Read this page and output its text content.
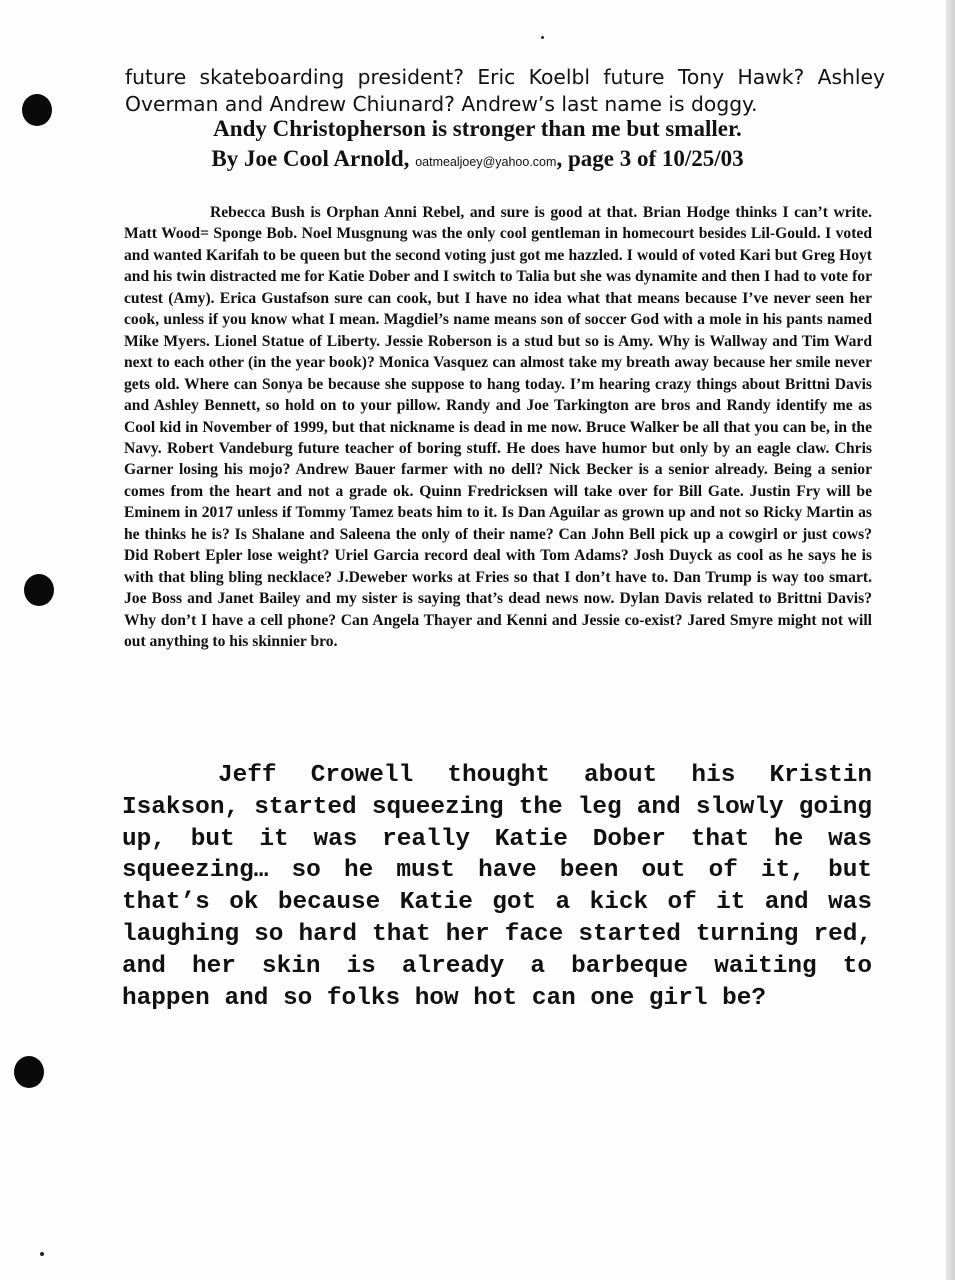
future skateboarding president? Eric Koelbl future Tony Hawk? Ashley
Overman and Andrew Chiunard? Andrew’s last name is doggy.
Andy Christopherson is stronger than me but smaller.
By Joe Cool Arnold, oatmealjoey@yahoo.com, page 3 of 10/25/03

Rebecca Bush is Orphan Anni Rebel, and sure is good at that. Brian Hodge thinks I can’t write. Matt Wood= Sponge Bob. Noel Musgnung was the only cool gentleman in homecourt besides Lil-Gould. I voted and wanted Karifah to be queen but the second voting just got me hazzled. I would of voted Kari but Greg Hoyt and his twin distracted me for Katie Dober and I switch to Talia but she was dynamite and then I had to vote for cutest (Amy). Erica Gustafson sure can cook, but I have no idea what that means because I’ve never seen her cook, unless if you know what I mean. Magdiel’s name means son of soccer God with a mole in his pants named Mike Myers. Lionel Statue of Liberty. Jessie Roberson is a stud but so is Amy. Why is Wallway and Tim Ward next to each other (in the year book)? Monica Vasquez can almost take my breath away because her smile never gets old. Where can Sonya be because she suppose to hang today. I’m hearing crazy things about Brittni Davis and Ashley Bennett, so hold on to your pillow. Randy and Joe Tarkington are bros and Randy identify me as Cool kid in November of 1999, but that nickname is dead in me now. Bruce Walker be all that you can be, in the Navy. Robert Vandeburg future teacher of boring stuff. He does have humor but only by an eagle claw. Chris Garner losing his mojo? Andrew Bauer farmer with no dell? Nick Becker is a senior already. Being a senior comes from the heart and not a grade ok. Quinn Fredricksen will take over for Bill Gate. Justin Fry will be Eminem in 2017 unless if Tommy Tamez beats him to it. Is Dan Aguilar as grown up and not so Ricky Martin as he thinks he is? Is Shalane and Saleena the only of their name? Can John Bell pick up a cowgirl or just cows? Did Robert Epler lose weight? Uriel Garcia record deal with Tom Adams? Josh Duyck as cool as he says he is with that bling bling necklace? J.Deweber works at Fries so that I don’t have to. Dan Trump is way too smart. Joe Boss and Janet Bailey and my sister is saying that’s dead news now. Dylan Davis related to Brittni Davis? Why don’t I have a cell phone? Can Angela Thayer and Kenni and Jessie co-exist? Jared Smyre might not will out anything to his skinnier bro.

Jeff Crowell thought about his Kristin Isakson, started squeezing the leg and slowly going up, but it was really Katie Dober that he was squeezing… so he must have been out of it, but that’s ok because Katie got a kick of it and was laughing so hard that her face started turning red, and her skin is already a barbeque waiting to happen and so folks how hot can one girl be?
